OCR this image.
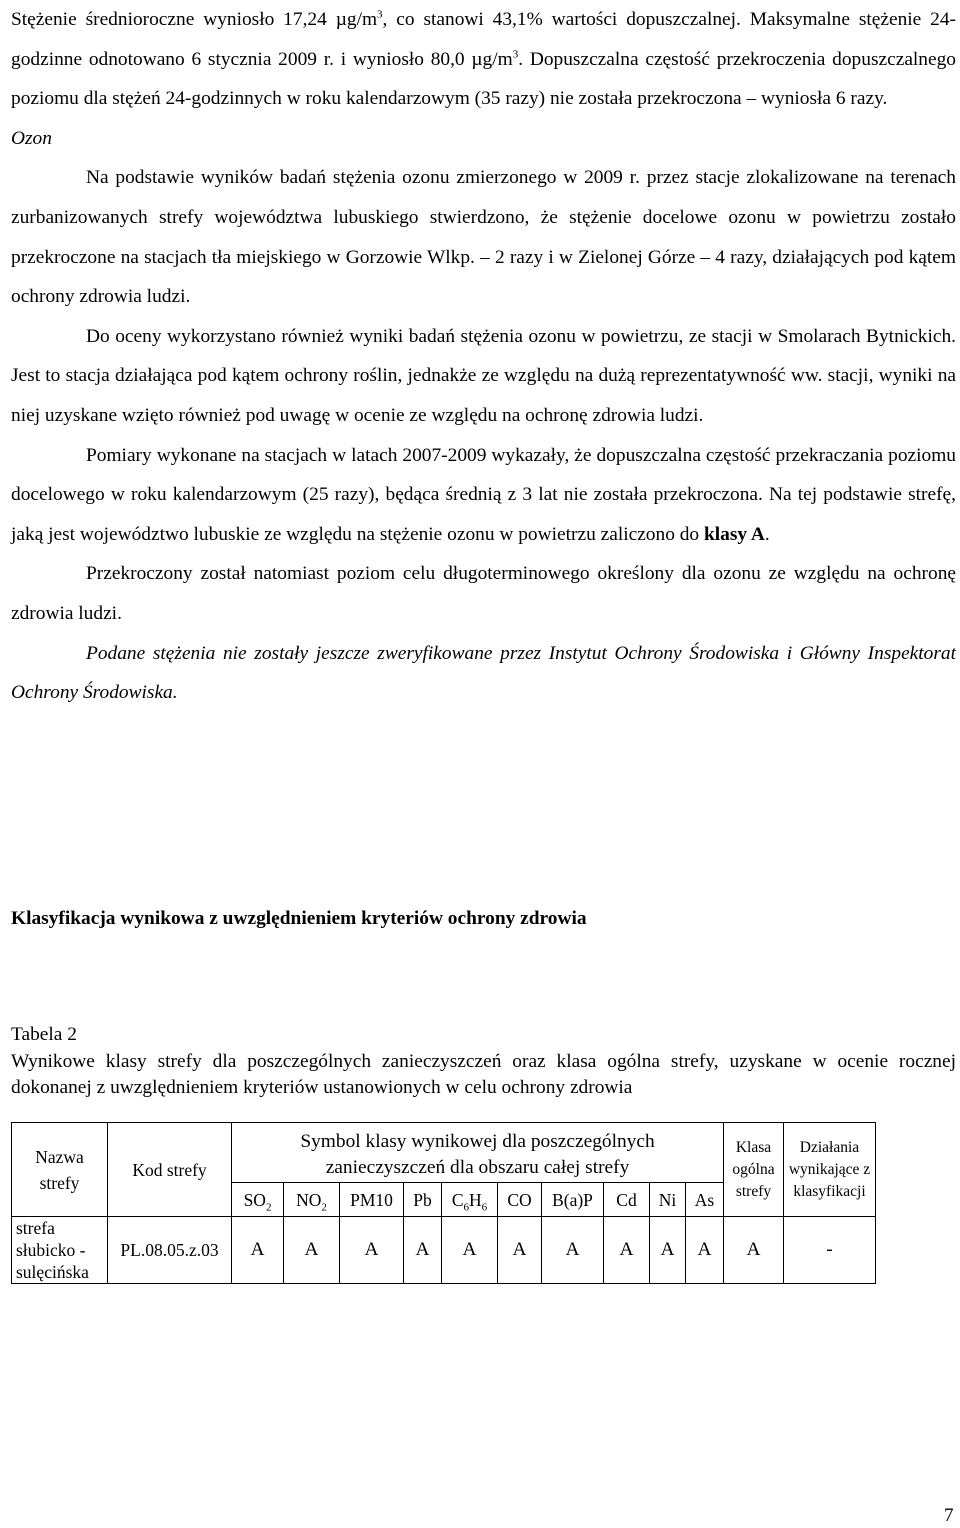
Stężenie średnioroczne wyniosło 17,24 $\mu g/m^3$, co stanowi 43,1% wartości dopuszczalnej. Maksymalne stężenie 24-godzinne odnotowano 6 stycznia 2009 r. i wyniosło 80,0 $\mu g/m^3$. Dopuszczalna częstość przekroczenia dopuszczalnego poziomu dla stężeń 24-godzinnych w roku kalendarzowym (35 razy) nie została przekroczona – wyniosła 6 razy.

Ozon

Na podstawie wyników badań stężenia ozonu zmierzonego w 2009 r. przez stacje zlokalizowane na terenach zurbanizowanych strefy województwa lubuskiego stwierdzono, że stężenie docelowe ozonu w powietrzu zostało przekroczone na stacjach tła miejskiego w Gorzowie Wlkp. – 2 razy i w Zielonej Górze – 4 razy, działających pod kątem ochrony zdrowia ludzi.

Do oceny wykorzystano również wyniki badań stężenia ozonu w powietrzu, ze stacji w Smolarach Bytnickich. Jest to stacja działająca pod kątem ochrony roślin, jednakże ze względu na dużą reprezentatywność ww. stacji, wyniki na niej uzyskane wzięto również pod uwagę w ocenie ze względu na ochronę zdrowia ludzi.

Pomiary wykonane na stacjach w latach 2007-2009 wykazały, że dopuszczalna częstość przekraczania poziomu docelowego w roku kalendarzowym (25 razy), będąca średnią z 3 lat nie została przekroczona. Na tej podstawie strefę, jaką jest województwo lubuskie ze względu na stężenie ozonu w powietrzu zaliczono do klasy A.

Przekroczony został natomiast poziom celu długoterminowego określony dla ozonu ze względu na ochronę zdrowia ludzi.

Podane stężenia nie zostały jeszcze zweryfikowane przez Instytut Ochrony Środowiska i Główny Inspektorat Ochrony Środowiska.

Klasyfikacja wynikowa z uwzględnieniem kryteriów ochrony zdrowia
Tabela 2
Wynikowe klasy strefy dla poszczególnych zanieczyszczeń oraz klasa ogólna strefy, uzyskane w ocenie rocznej dokonanej z uwzględnieniem kryteriów ustanowionych w celu ochrony zdrowia
Nazwa strefy	Kod strefy	Symbol klasy wynikowej dla poszczególnych zanieczyszczeń dla obszaru całej strefy										Klasa ogólna strefy	Działania wynikające z klasyfikacji
		$SO_2$	$NO_2$	PM10	Pb	$C_6H_6$	CO	B(a)P	Cd	Ni	As		
strefa słubicko - sulęcińska	PL.08.05.z.03	A	A	A	A	A	A	A	A	A	A	A	-
7
